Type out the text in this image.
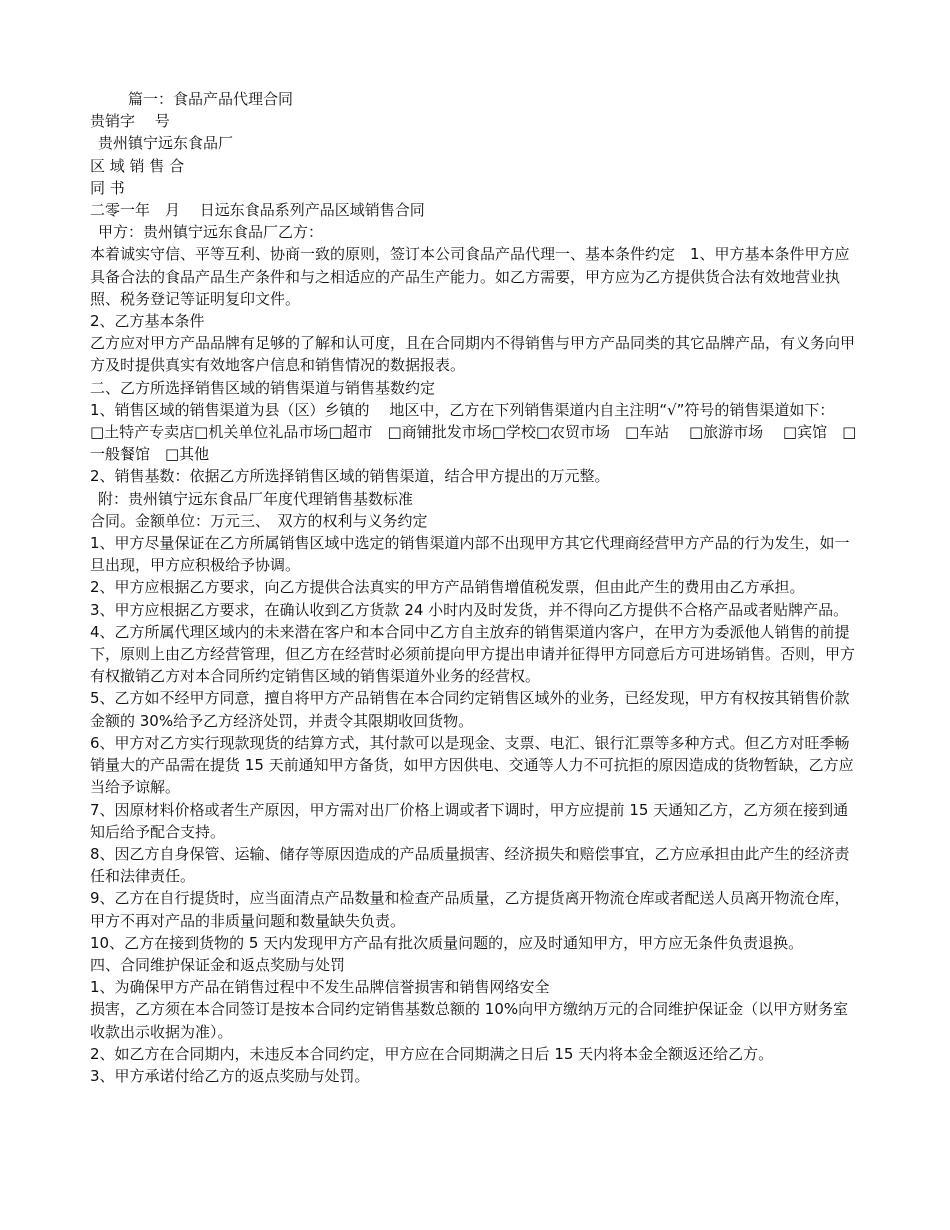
篇一：食品产品代理合同

贵销字　 号

贵州镇宁远东食品厂

区 域 销 售 合

同 书

二零一年　月　 日远东食品系列产品区域销售合同

甲方：贵州镇宁远东食品厂乙方：

本着诚实守信、平等互利、协商一致的原则，签订本公司食品产品代理一、基本条件约定　1、甲方基本条件甲方应具备合法的食品产品生产条件和与之相适应的产品生产能力。如乙方需要，甲方应为乙方提供货合法有效地营业执照、税务登记等证明复印文件。

2、乙方基本条件

乙方应对甲方产品品牌有足够的了解和认可度，且在合同期内不得销售与甲方产品同类的其它品牌产品，有义务向甲方及时提供真实有效地客户信息和销售情况的数据报表。

二、乙方所选择销售区域的销售渠道与销售基数约定

1、销售区域的销售渠道为县（区）乡镇的　 地区中，乙方在下列销售渠道内自主注明“√”符号的销售渠道如下：

□土特产专卖店□机关单位礼品市场□超市　□商铺批发市场□学校□农贸市场　□车站　 □旅游市场　 □宾馆　□一般餐馆　□其他

2、销售基数：依据乙方所选择销售区域的销售渠道，结合甲方提出的万元整。

附：贵州镇宁远东食品厂年度代理销售基数标准

合同。金额单位：万元三、　双方的权利与义务约定

1、甲方尽量保证在乙方所属销售区域中选定的销售渠道内部不出现甲方其它代理商经营甲方产品的行为发生，如一旦出现，甲方应积极给予协调。

2、甲方应根据乙方要求，向乙方提供合法真实的甲方产品销售增值税发票，但由此产生的费用由乙方承担。

3、甲方应根据乙方要求，在确认收到乙方货款 24 小时内及时发货，并不得向乙方提供不合格产品或者贴牌产品。

4、乙方所属代理区域内的未来潜在客户和本合同中乙方自主放弃的销售渠道内客户，在甲方为委派他人销售的前提下，原则上由乙方经营管理，但乙方在经营时必须前提向甲方提出申请并征得甲方同意后方可进场销售。否则，甲方有权撤销乙方对本合同所约定销售区域的销售渠道外业务的经营权。

5、乙方如不经甲方同意，擅自将甲方产品销售在本合同约定销售区域外的业务，已经发现，甲方有权按其销售价款金额的 30%给予乙方经济处罚，并责令其限期收回货物。

6、甲方对乙方实行现款现货的结算方式，其付款可以是现金、支票、电汇、银行汇票等多种方式。但乙方对旺季畅销量大的产品需在提货 15 天前通知甲方备货，如甲方因供电、交通等人力不可抗拒的原因造成的货物暂缺，乙方应当给予谅解。

7、因原材料价格或者生产原因，甲方需对出厂价格上调或者下调时，甲方应提前 15 天通知乙方，乙方须在接到通知后给予配合支持。

8、因乙方自身保管、运输、储存等原因造成的产品质量损害、经济损失和赔偿事宜，乙方应承担由此产生的经济责任和法律责任。

9、乙方在自行提货时，应当面清点产品数量和检查产品质量，乙方提货离开物流仓库或者配送人员离开物流仓库，甲方不再对产品的非质量问题和数量缺失负责。

10、乙方在接到货物的 5 天内发现甲方产品有批次质量问题的，应及时通知甲方，甲方应无条件负责退换。

四、合同维护保证金和返点奖励与处罚

1、为确保甲方产品在销售过程中不发生品牌信誉损害和销售网络安全

损害，乙方须在本合同签订是按本合同约定销售基数总额的 10%向甲方缴纳万元的合同维护保证金（以甲方财务室收款出示收据为准）。

2、如乙方在合同期内，未违反本合同约定，甲方应在合同期满之日后 15 天内将本金全额返还给乙方。

3、甲方承诺付给乙方的返点奖励与处罚。
